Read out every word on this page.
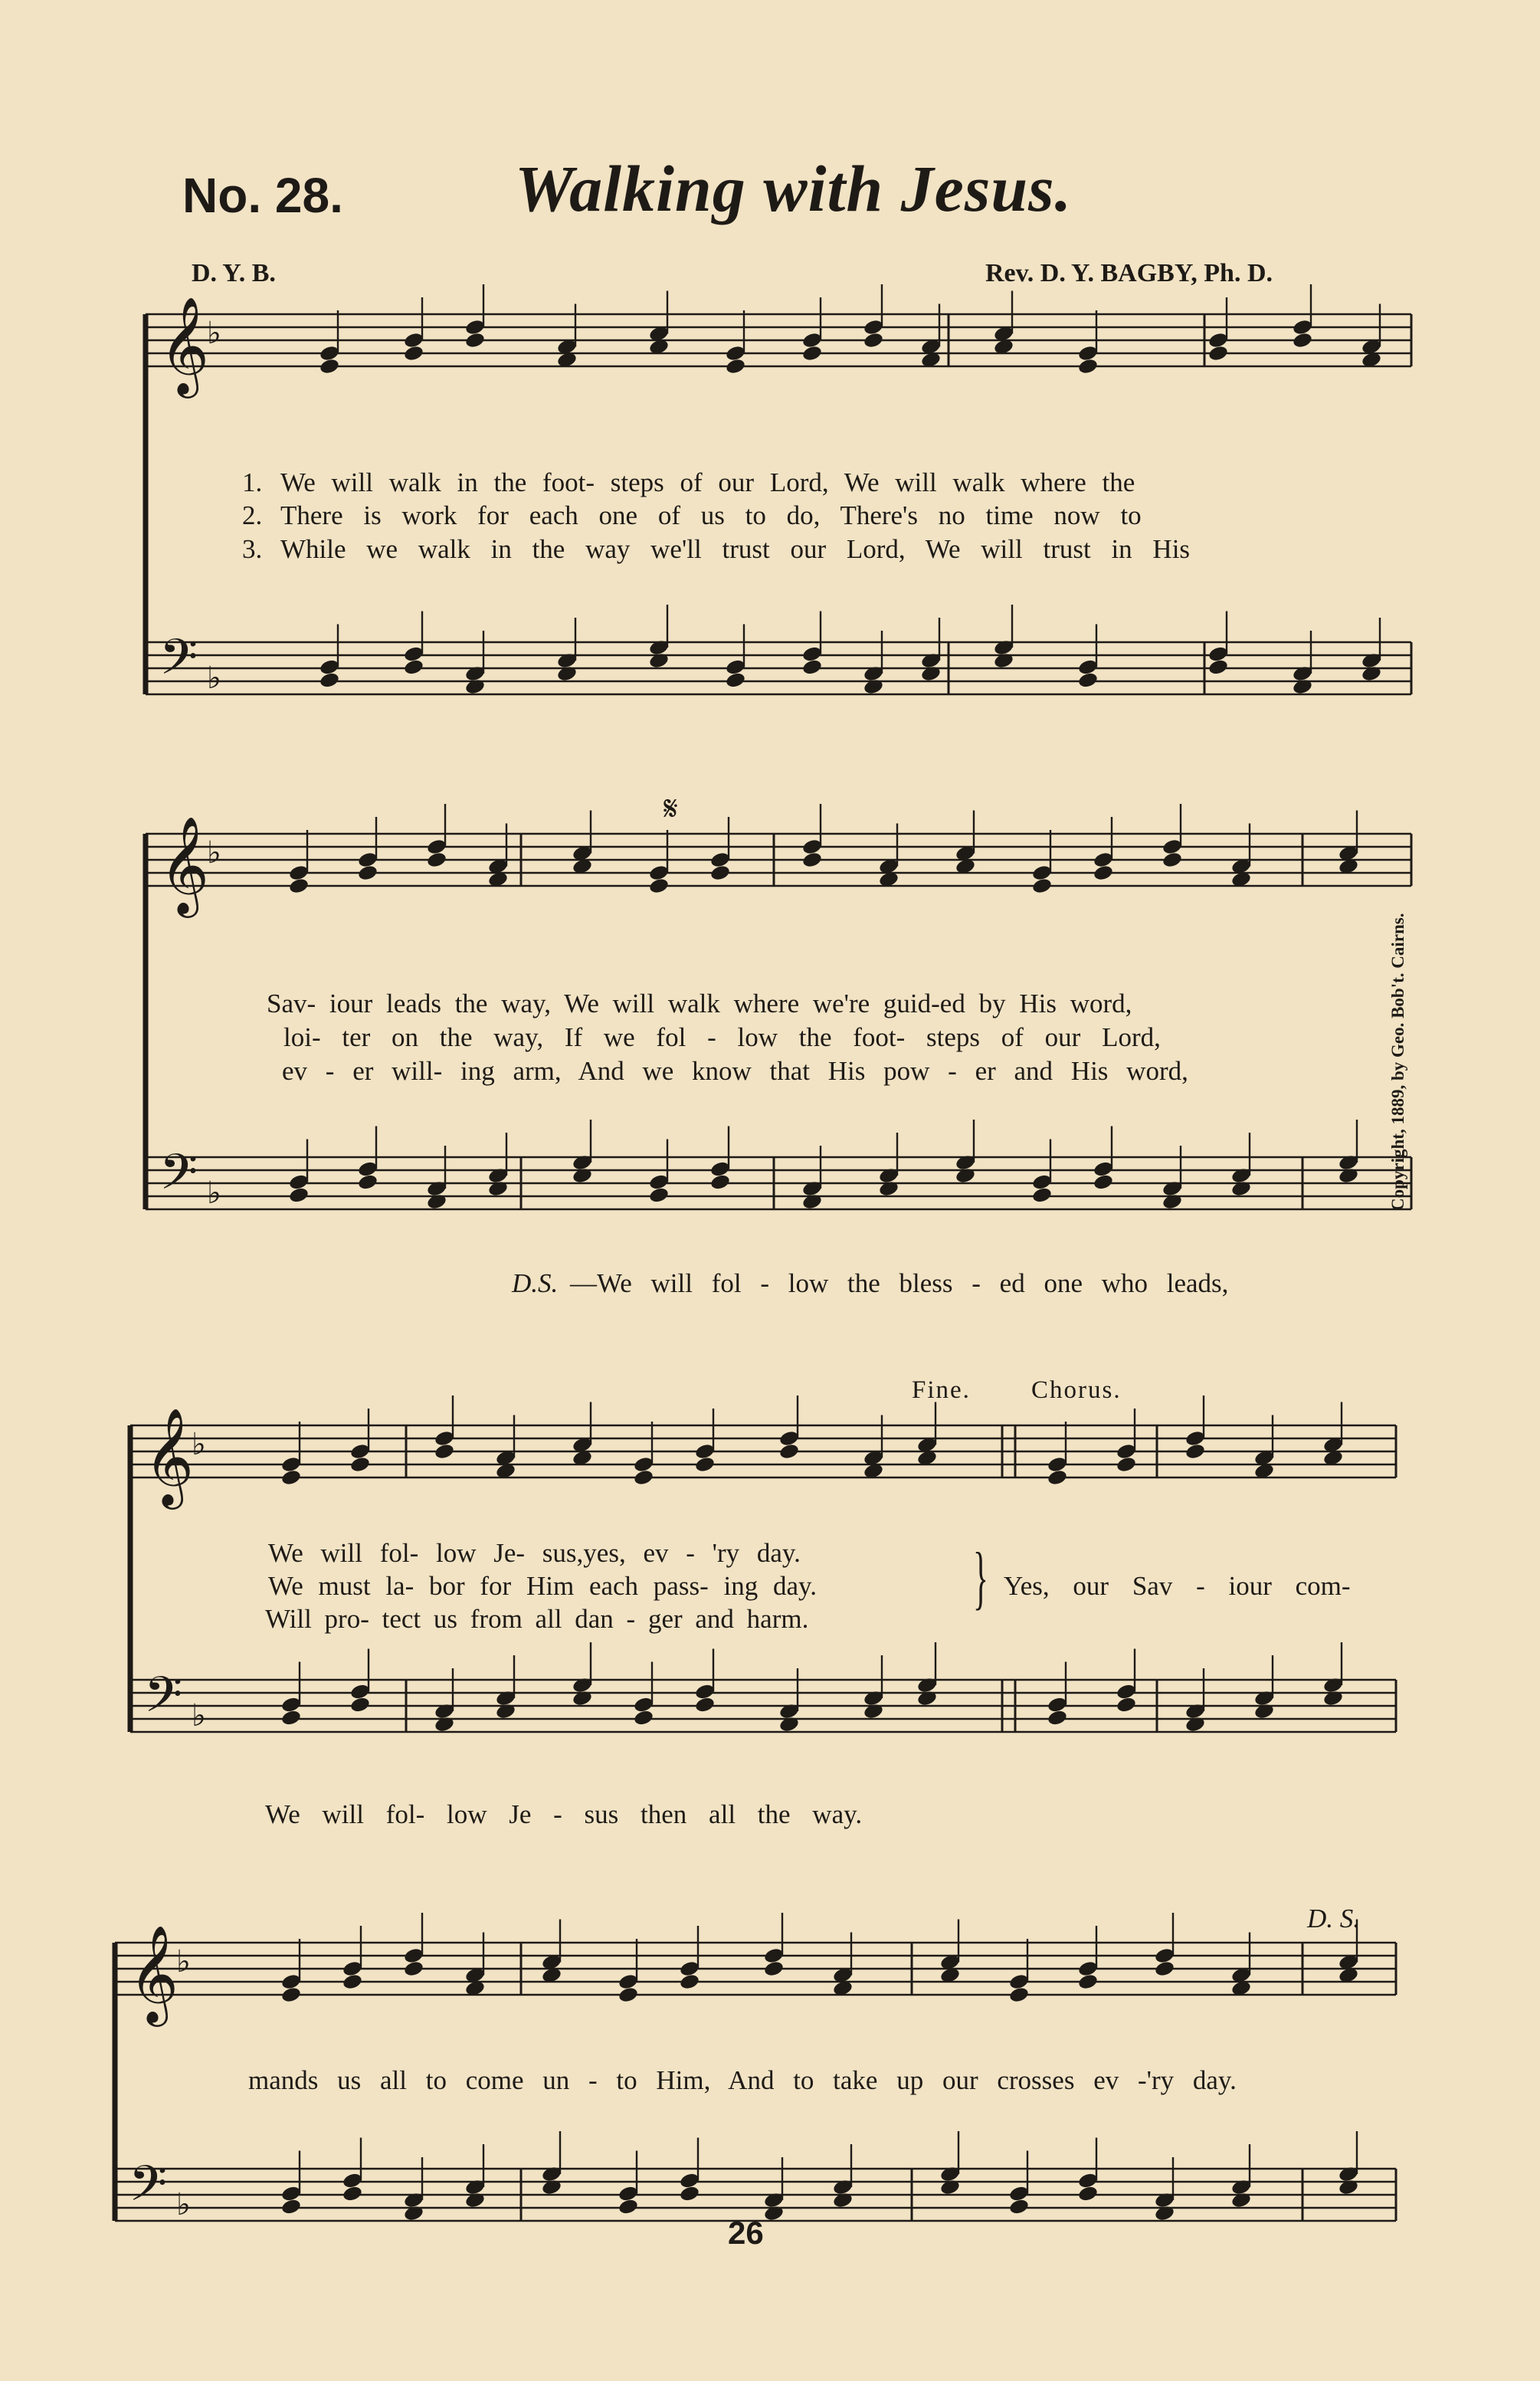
No. 28.	Walking with Jesus.
D. Y. B.	Rev. D. Y. BAGBY, Ph. D.
𝄞
♭
𝄢 ♭
𝄞
♭
𝄢 ♭
𝄞
♭
𝄢 ♭
𝄞
♭
𝄢 ♭
1.
2.
3.
We will walk in the foot- steps of our Lord, We will walk where the
There is work for each one of us to do, There's no time now to
While we walk in the way we'll trust our Lord, We will trust in His
𝄋
Sav- iour leads the way, We will walk where we're guid-ed by His word,
loi- ter on the way, If we fol - low the foot- steps of our Lord,
ev - er will- ing arm, And we know that His pow - er and His word,
D.S. —We will fol - low the bless - ed one who leads,
Fine. Chorus.
We will fol- low Je- sus,yes, ev - 'ry day.
We must la- bor for Him each pass- ing day.
Will pro- tect us from all dan - ger and harm.
} Yes, our Sav - iour com-
We will fol- low Je - sus then all the way.
D. S.
mands us all to come un - to Him, And to take up our crosses ev -'ry day.
Copyright, 1889, by Geo. Bob't. Cairns.
26
